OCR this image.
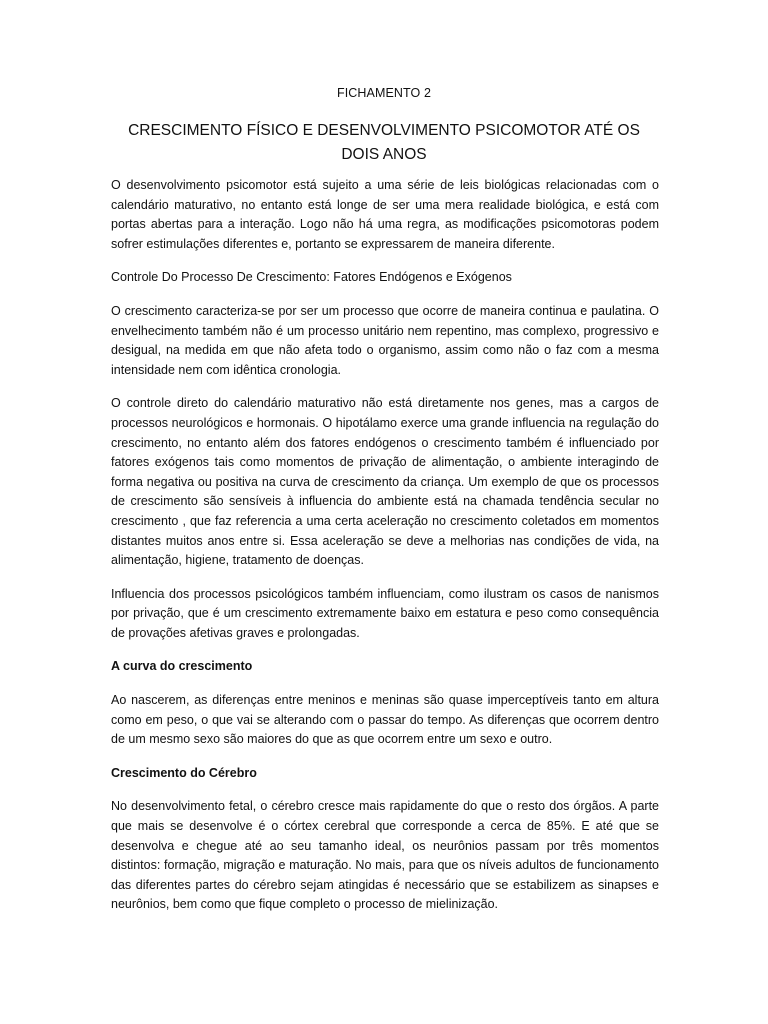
FICHAMENTO 2
CRESCIMENTO FÍSICO E DESENVOLVIMENTO PSICOMOTOR ATÉ OS DOIS ANOS

O desenvolvimento psicomotor está sujeito a uma série de leis biológicas relacionadas com o calendário maturativo, no entanto está longe de ser uma mera realidade biológica, e está com portas abertas para a interação. Logo não há uma regra, as modificações psicomotoras podem sofrer estimulações diferentes e, portanto se expressarem de maneira diferente.

Controle Do Processo De Crescimento: Fatores Endógenos e Exógenos

O crescimento caracteriza-se por ser um processo que ocorre de maneira continua e paulatina. O envelhecimento também não é um processo unitário nem repentino, mas complexo, progressivo e desigual, na medida em que não afeta todo o organismo, assim como não o faz com a mesma intensidade nem com idêntica cronologia.

O controle direto do calendário maturativo não está diretamente nos genes, mas a cargos de processos neurológicos e hormonais. O hipotálamo exerce uma grande influencia na regulação do crescimento, no entanto além dos fatores endógenos o crescimento também é influenciado por fatores exógenos tais como momentos de privação de alimentação, o ambiente interagindo de forma negativa ou positiva na curva de crescimento da criança. Um exemplo de que os processos de crescimento são sensíveis à influencia do ambiente está na chamada tendência secular no crescimento , que faz referencia a uma certa aceleração no crescimento coletados em momentos distantes muitos anos entre si. Essa aceleração se deve a melhorias nas condições de vida, na alimentação, higiene, tratamento de doenças.

Influencia dos processos psicológicos também influenciam, como ilustram os casos de nanismos por privação, que é um crescimento extremamente baixo em estatura e peso como consequência de provações afetivas graves e prolongadas.

A curva do crescimento

Ao nascerem, as diferenças entre meninos e meninas são quase imperceptíveis tanto em altura como em peso, o que vai se alterando com o passar do tempo. As diferenças que ocorrem dentro de um mesmo sexo são maiores do que as que ocorrem entre um sexo e outro.

Crescimento do Cérebro

No desenvolvimento fetal, o cérebro cresce mais rapidamente do que o resto dos órgãos. A parte que mais se desenvolve é o córtex cerebral que corresponde a cerca de 85%. E até que se desenvolva e chegue até ao seu tamanho ideal, os neurônios passam por três momentos distintos: formação, migração e maturação. No mais, para que os níveis adultos de funcionamento das diferentes partes do cérebro sejam atingidas é necessário que se estabilizem as sinapses e neurônios, bem como que fique completo o processo de mielinização.
